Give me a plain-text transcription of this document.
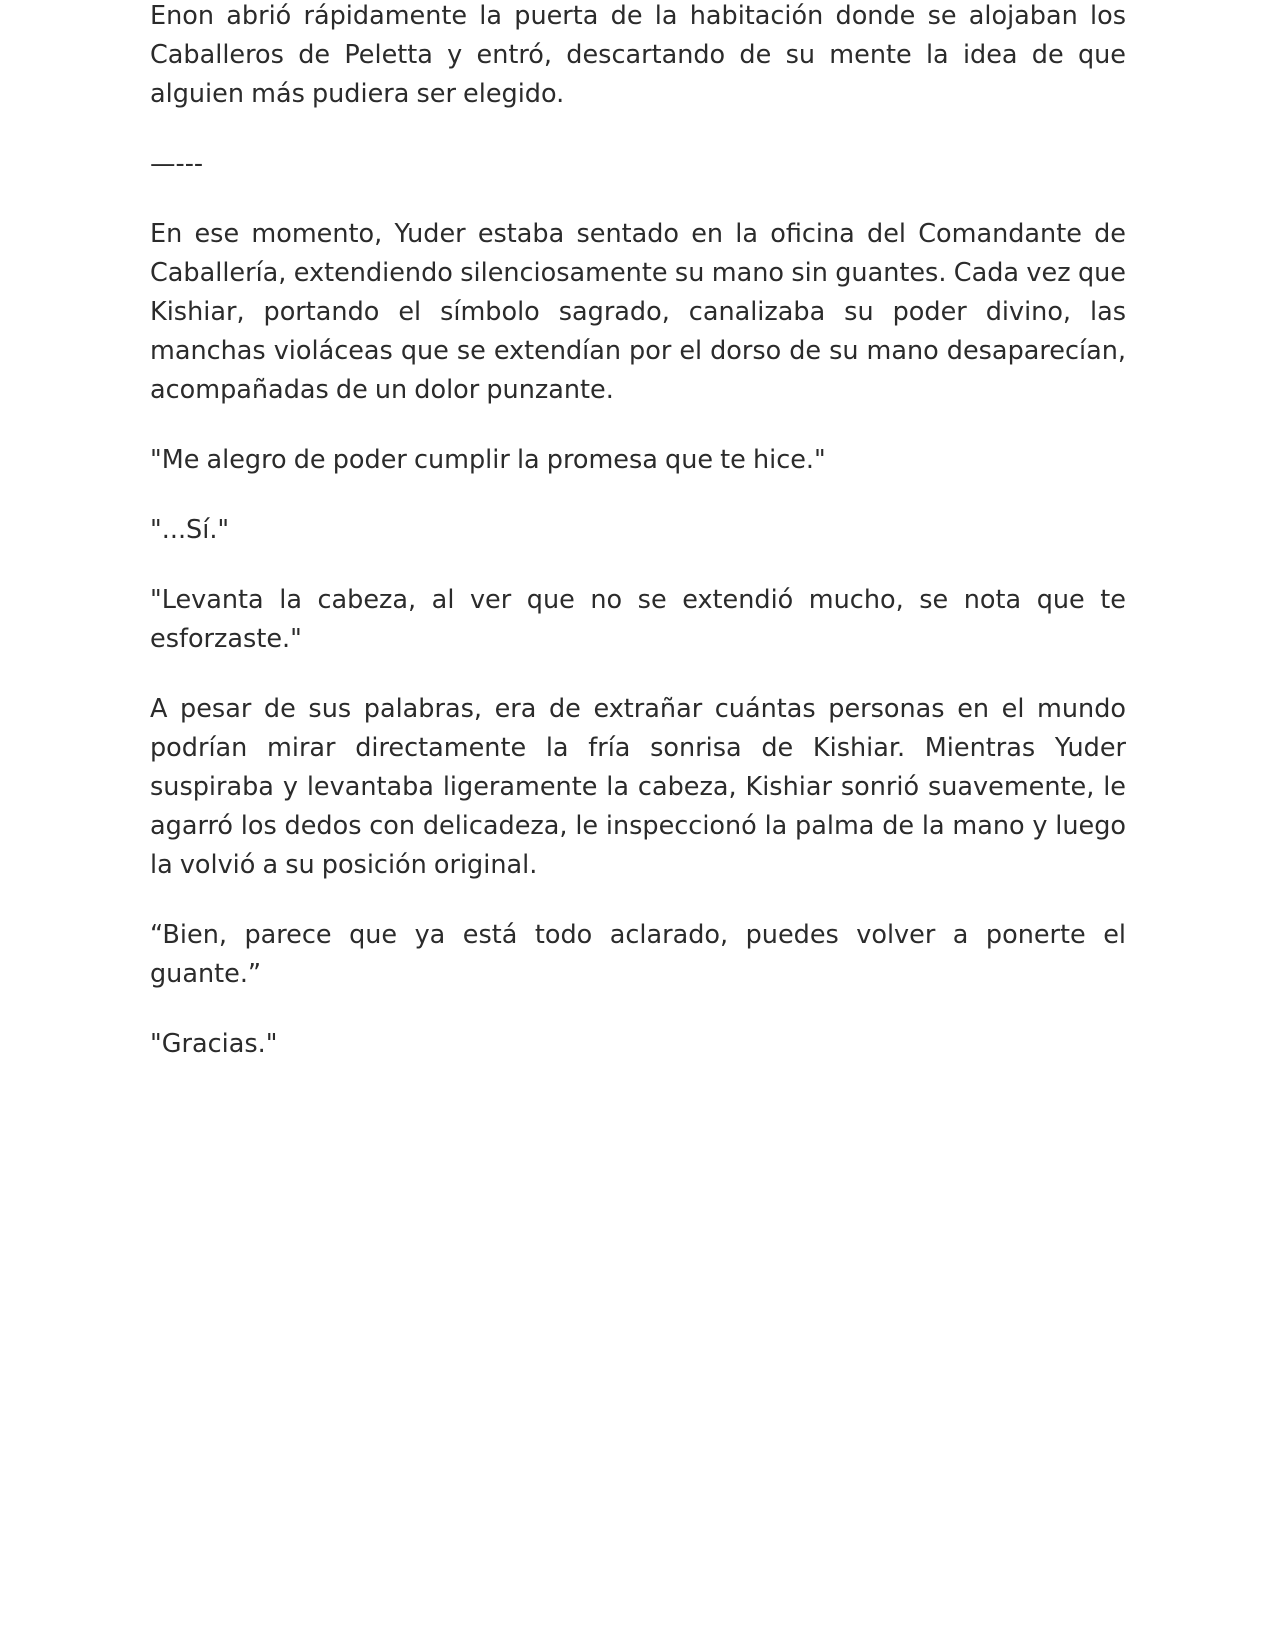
Enon abrió rápidamente la puerta de la habitación donde se alojaban los Caballeros de Peletta y entró, descartando de su mente la idea de que alguien más pudiera ser elegido.

—---

En ese momento, Yuder estaba sentado en la oficina del Comandante de Caballería, extendiendo silenciosamente su mano sin guantes. Cada vez que Kishiar, portando el símbolo sagrado, canalizaba su poder divino, las manchas violáceas que se extendían por el dorso de su mano desaparecían, acompañadas de un dolor punzante.

"Me alegro de poder cumplir la promesa que te hice."

"...Sí."

"Levanta la cabeza, al ver que no se extendió mucho, se nota que te esforzaste."

A pesar de sus palabras, era de extrañar cuántas personas en el mundo podrían mirar directamente la fría sonrisa de Kishiar. Mientras Yuder suspiraba y levantaba ligeramente la cabeza, Kishiar sonrió suavemente, le agarró los dedos con delicadeza, le inspeccionó la palma de la mano y luego la volvió a su posición original.

“Bien, parece que ya está todo aclarado, puedes volver a ponerte el guante.”

"Gracias."
